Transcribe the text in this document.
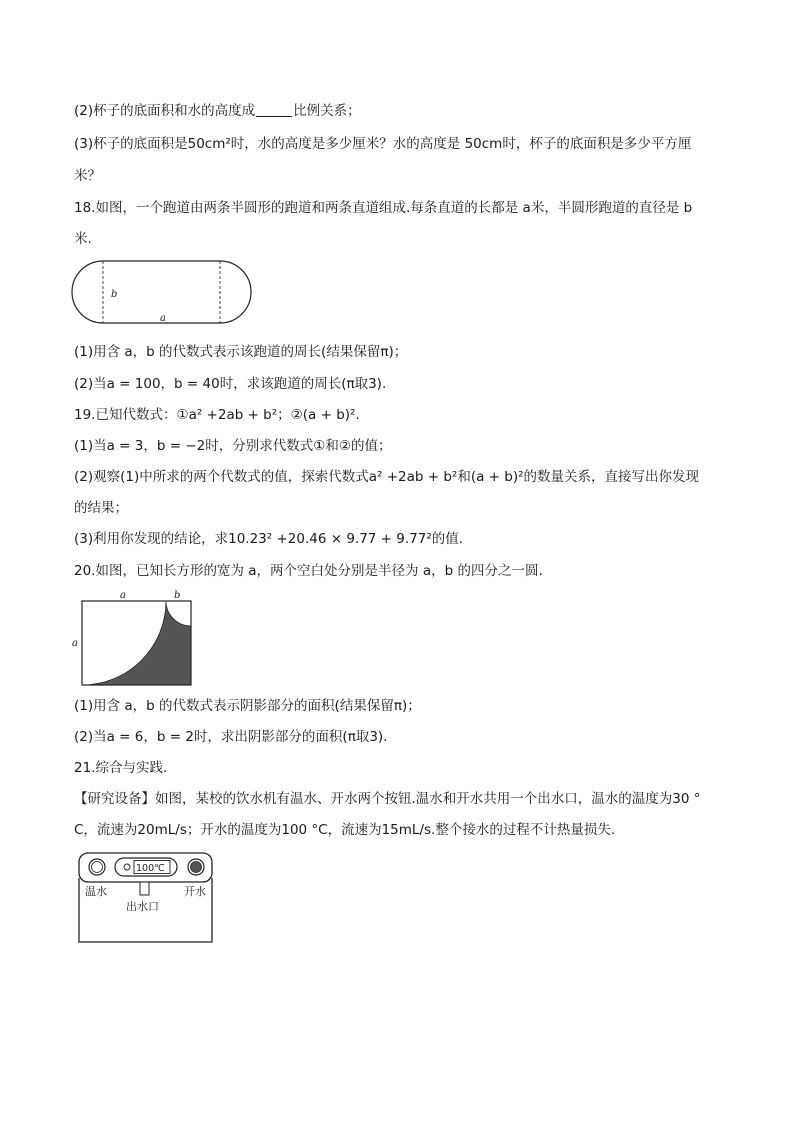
(2)杯子的底面积和水的高度成	比例关系；
(3)杯子的底面积是50cm²时，水的高度是多少厘米？水的高度是 50cm时，杯子的底面积是多少平方厘
米？
18.如图，一个跑道由两条半圆形的跑道和两条直道组成.每条直道的长都是 a米，半圆形跑道的直径是 b
米.
b
a
(1)用含 a，b 的代数式表示该跑道的周长(结果保留π)；
(2)当a = 100，b = 40时，求该跑道的周长(π取3).
19.已知代数式：①a² +2ab + b²；②(a + b)².
(1)当a = 3，b = −2时，分别求代数式①和②的值；
(2)观察(1)中所求的两个代数式的值，探索代数式a² +2ab + b²和(a + b)²的数量关系，直接写出你发现
的结果；
(3)利用你发现的结论，求10.23² +20.46 × 9.77 + 9.77²的值.
20.如图，已知长方形的宽为 a，两个空白处分别是半径为 a，b 的四分之一圆.
a	b
a
(1)用含 a，b 的代数式表示阴影部分的面积(结果保留π)；
(2)当a = 6，b = 2时，求出阴影部分的面积(π取3).
21.综合与实践.
【研究设备】如图，某校的饮水机有温水、开水两个按钮.温水和开水共用一个出水口，温水的温度为30 °
C，流速为20mL/s；开水的温度为100 °C，流速为15mL/s.整个接水的过程不计热量损失.
100℃
温水	开水
出水口
